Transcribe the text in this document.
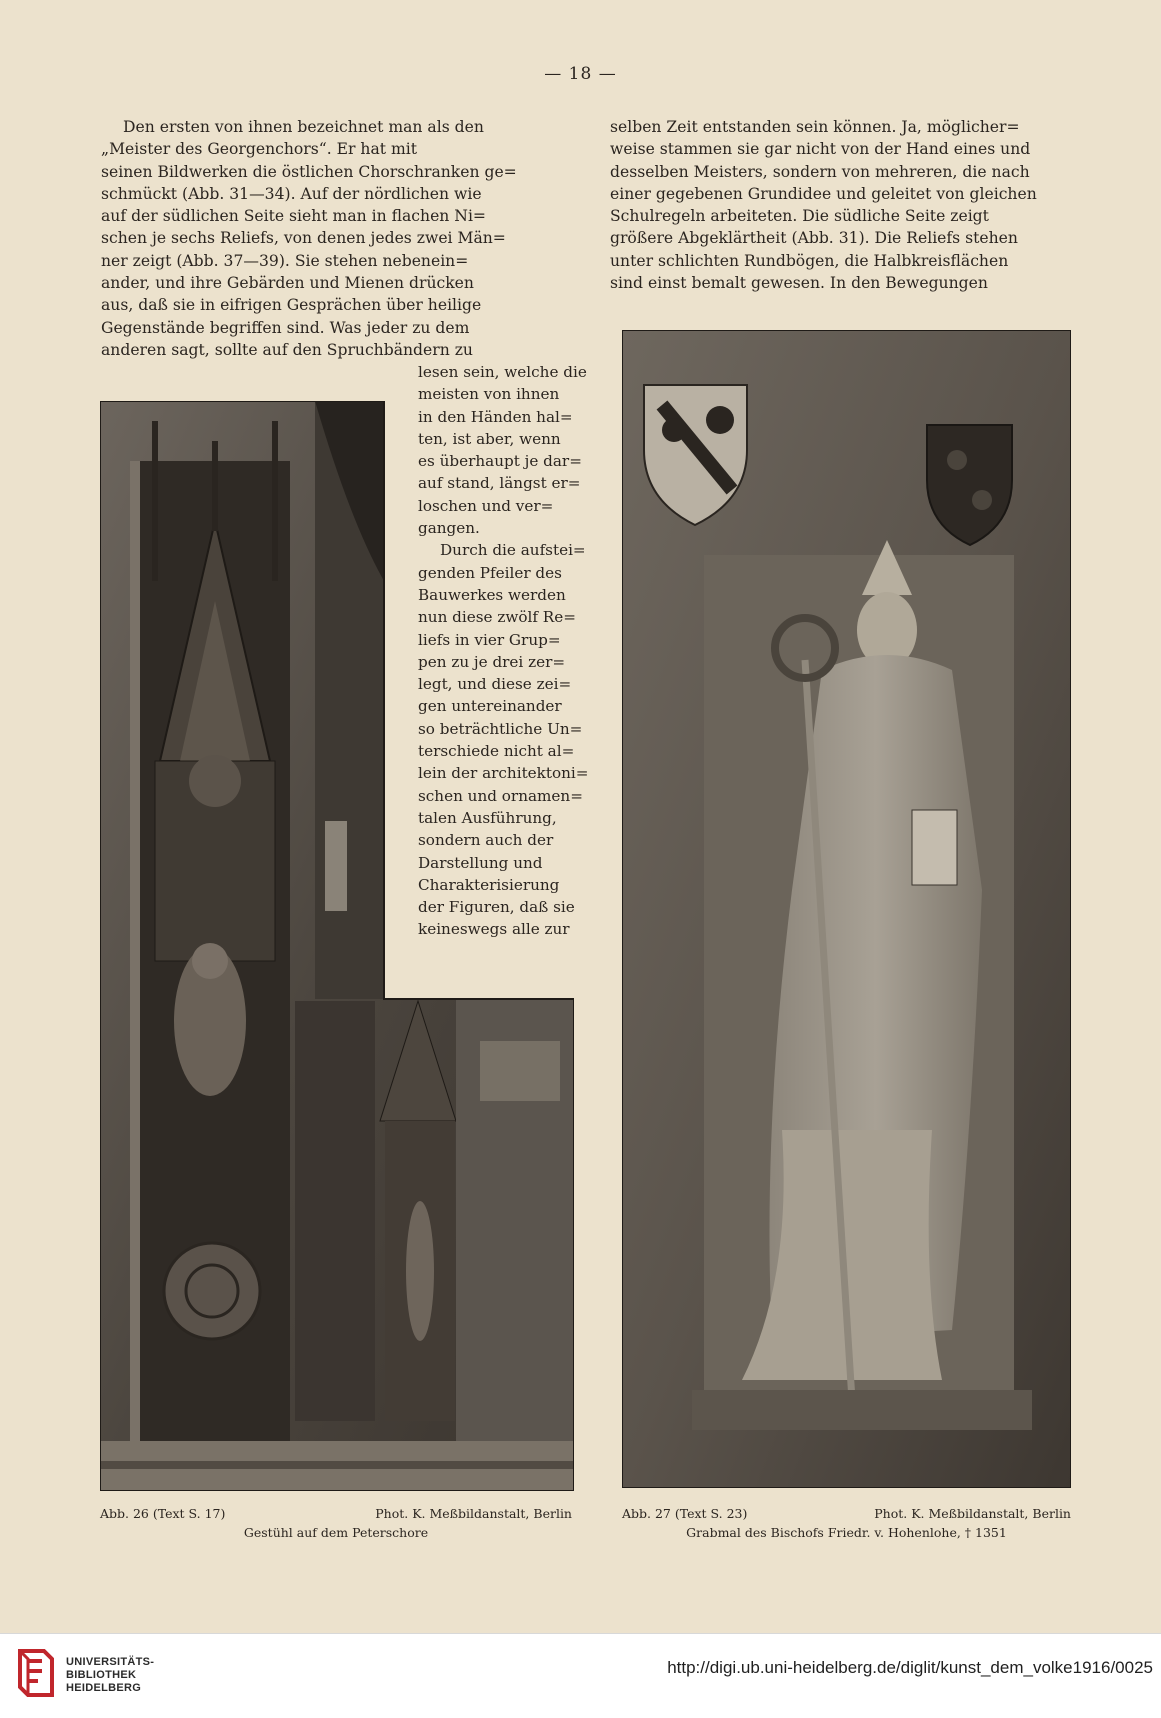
— 18 —

Den ersten von ihnen bezeichnet man als den

„Meister des Georgenchors“. Er hat mit

seinen Bildwerken die östlichen Chorschranken ge=

schmückt (Abb. 31—34). Auf der nördlichen wie

auf der südlichen Seite sieht man in flachen Ni=

schen je sechs Reliefs, von denen jedes zwei Män=

ner zeigt (Abb. 37—39). Sie stehen nebenein=

ander, und ihre Gebärden und Mienen drücken

aus, daß sie in eifrigen Gesprächen über heilige

Gegenstände begriffen sind. Was jeder zu dem

anderen sagt, sollte auf den Spruchbändern zu

lesen sein, welche die

meisten von ihnen

in den Händen hal=

ten, ist aber, wenn

es überhaupt je dar=

auf stand, längst er=

loschen und ver=

gangen.

Durch die aufstei=

genden Pfeiler des

Bauwerkes werden

nun diese zwölf Re=

liefs in vier Grup=

pen zu je drei zer=

legt, und diese zei=

gen untereinander

so beträchtliche Un=

terschiede nicht al=

lein der architektoni=

schen und ornamen=

talen Ausführung,

sondern auch der

Darstellung und

Charakterisierung

der Figuren, daß sie

keineswegs alle zur

selben Zeit entstanden sein können. Ja, möglicher=

weise stammen sie gar nicht von der Hand eines und

desselben Meisters, sondern von mehreren, die nach

einer gegebenen Grundidee und geleitet von gleichen

Schulregeln arbeiteten. Die südliche Seite zeigt

größere Abgeklärtheit (Abb. 31). Die Reliefs stehen

unter schlichten Rundbögen, die Halbkreisflächen

sind einst bemalt gewesen. In den Bewegungen

Abb. 26 (Text S. 17)	Phot. K. Meßbildanstalt, Berlin
Gestühl auf dem Peterschore
Abb. 27 (Text S. 23)	Phot. K. Meßbildanstalt, Berlin
Grabmal des Bischofs Friedr. v. Hohenlohe, † 1351
UNIVERSITÄTS-
BIBLIOTHEK
HEIDELBERG
http://digi.ub.uni-heidelberg.de/diglit/kunst_dem_volke1916/0025
